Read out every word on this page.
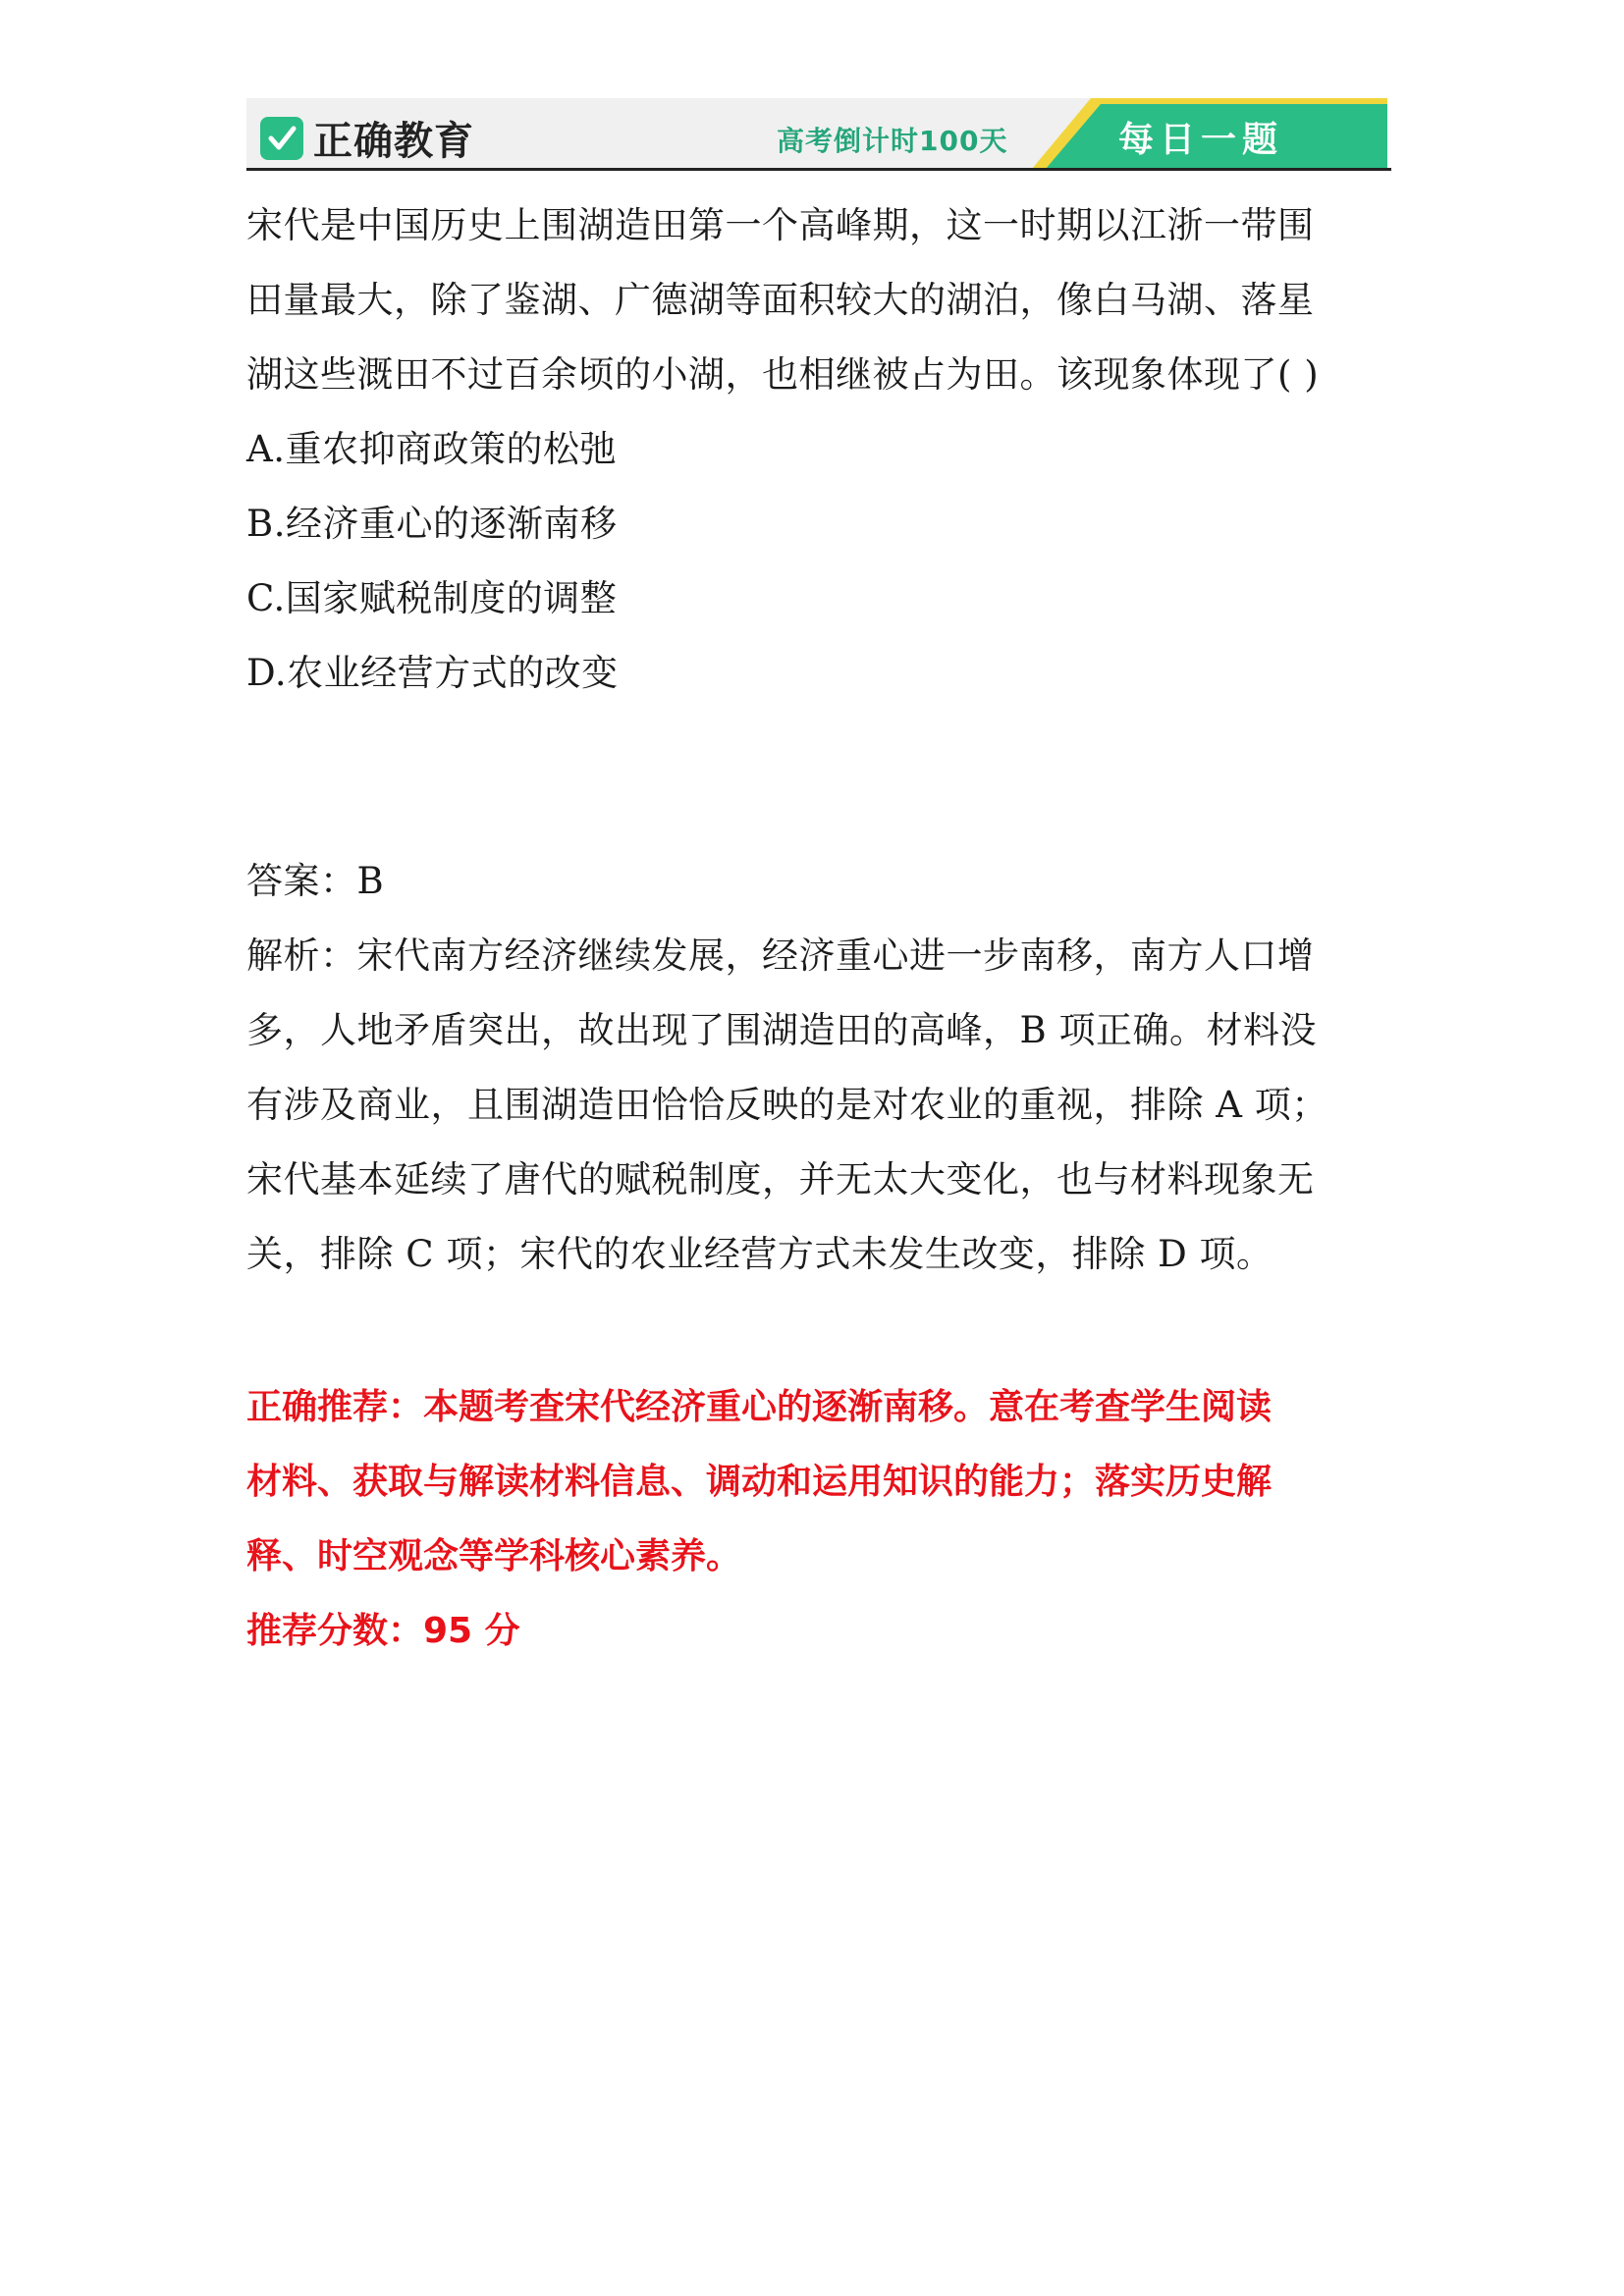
正确教育	高考倒计时100天	每日一题
宋代是中国历史上围湖造田第一个高峰期，这一时期以江浙一带围
田量最大，除了鉴湖、广德湖等面积较大的湖泊，像白马湖、落星
湖这些溉田不过百余顷的小湖，也相继被占为田。该现象体现了( )
A.重农抑商政策的松弛
B.经济重心的逐渐南移
C.国家赋税制度的调整
D.农业经营方式的改变
答案：B
解析：宋代南方经济继续发展，经济重心进一步南移，南方人口增
多，人地矛盾突出，故出现了围湖造田的高峰，B 项正确。材料没
有涉及商业，且围湖造田恰恰反映的是对农业的重视，排除 A 项；
宋代基本延续了唐代的赋税制度，并无太大变化，也与材料现象无
关，排除 C 项；宋代的农业经营方式未发生改变，排除 D 项。
正确推荐：本题考查宋代经济重心的逐渐南移。意在考查学生阅读
材料、获取与解读材料信息、调动和运用知识的能力；落实历史解
释、时空观念等学科核心素养。
推荐分数：95 分
